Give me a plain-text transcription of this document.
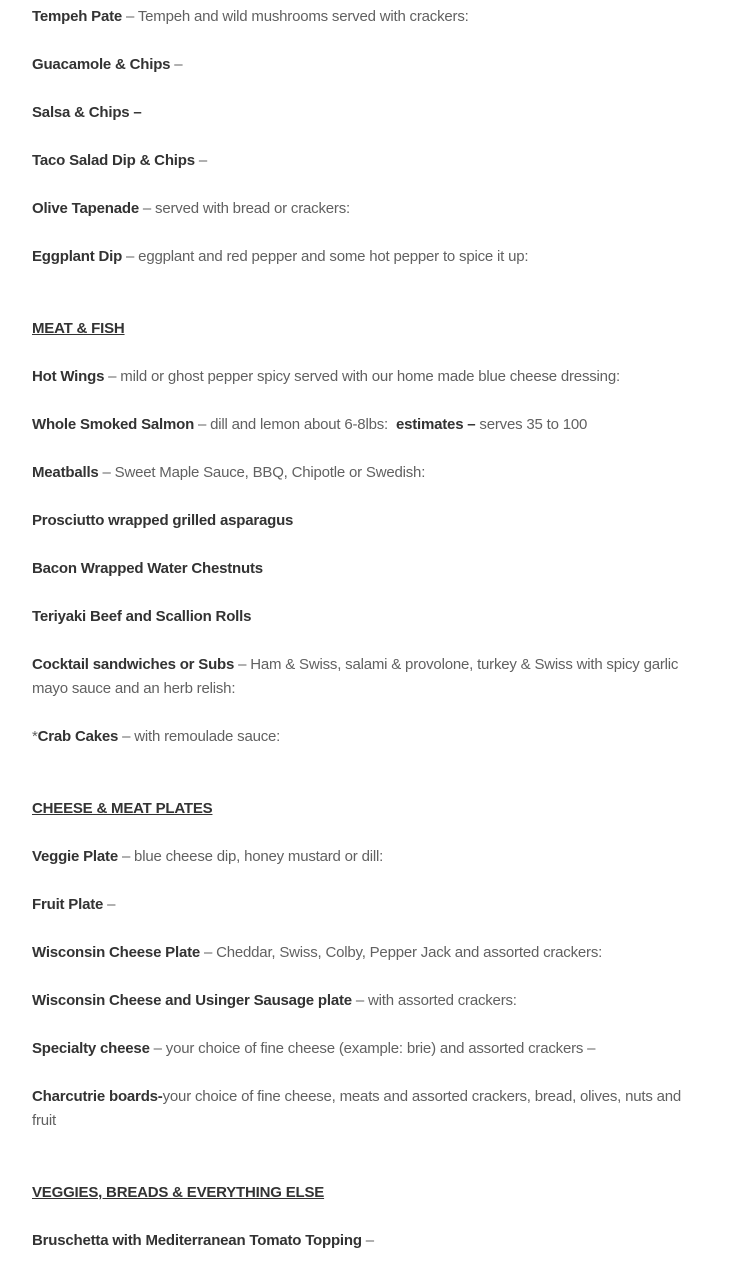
Tempeh Pate – Tempeh and wild mushrooms served with crackers:

Guacamole & Chips –

Salsa & Chips –

Taco Salad Dip & Chips –

Olive Tapenade – served with bread or crackers:

Eggplant Dip – eggplant and red pepper and some hot pepper to spice it up:

MEAT & FISH

Hot Wings – mild or ghost pepper spicy served with our home made blue cheese dressing:

Whole Smoked Salmon – dill and lemon about 6-8lbs:  estimates – serves 35 to 100

Meatballs – Sweet Maple Sauce, BBQ, Chipotle or Swedish:

Prosciutto wrapped grilled asparagus

Bacon Wrapped Water Chestnuts

Teriyaki Beef and Scallion Rolls

Cocktail sandwiches or Subs – Ham & Swiss, salami & provolone, turkey & Swiss with spicy garlic mayo sauce and an herb relish:

*Crab Cakes – with remoulade sauce:

CHEESE & MEAT PLATES

Veggie Plate – blue cheese dip, honey mustard or dill:

Fruit Plate –

Wisconsin Cheese Plate – Cheddar, Swiss, Colby, Pepper Jack and assorted crackers:

Wisconsin Cheese and Usinger Sausage plate – with assorted crackers:

Specialty cheese – your choice of fine cheese (example: brie) and assorted crackers –

Charcutrie boards-your choice of fine cheese, meats and assorted crackers, bread, olives, nuts and fruit

VEGGIES, BREADS & EVERYTHING ELSE

Bruschetta with Mediterranean Tomato Topping –
